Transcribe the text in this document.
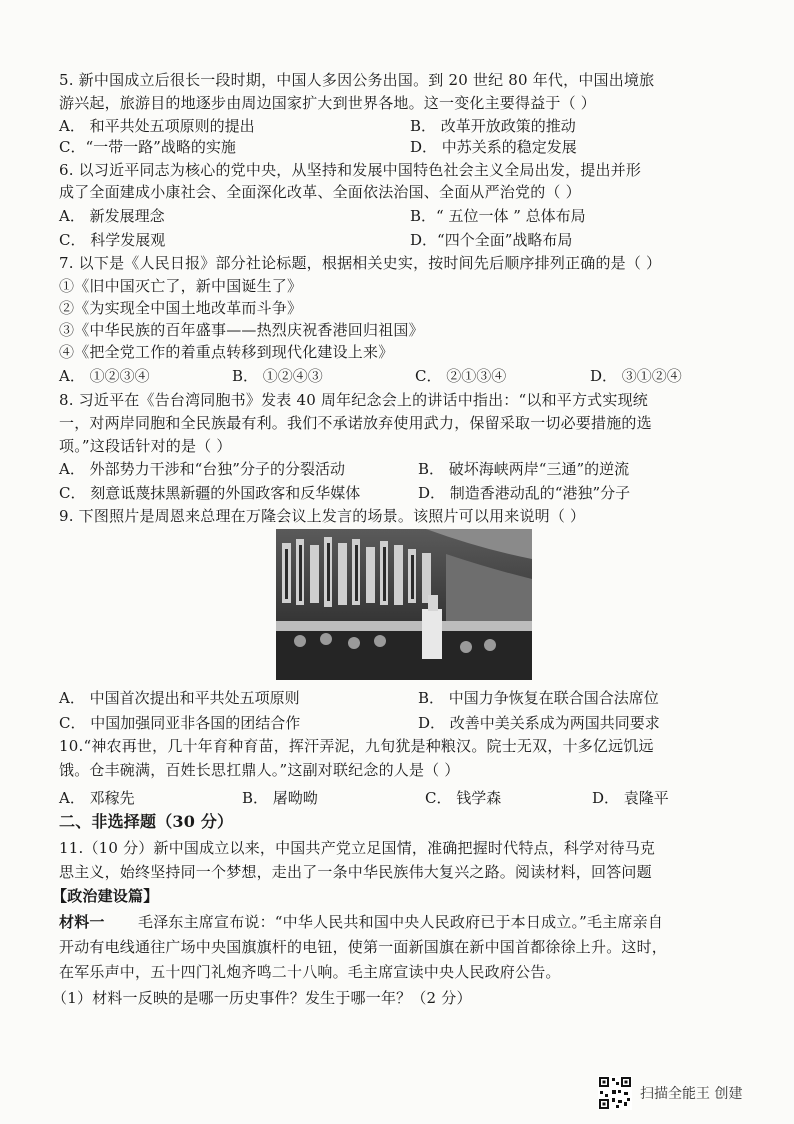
5. 新中国成立后很长一段时期，中国人多因公务出国。到 20 世纪 80 年代，中国出境旅
游兴起，旅游目的地逐步由周边国家扩大到世界各地。这一变化主要得益于（ ）
A． 和平共处五项原则的提出	B． 改革开放政策的推动
C．“一带一路”战略的实施	D． 中苏关系的稳定发展
6. 以习近平同志为核心的党中央，从坚持和发展中国特色社会主义全局出发，提出并形
成了全面建成小康社会、全面深化改革、全面依法治国、全面从严治党的（ ）
A． 新发展理念	B．“ 五位一体 ” 总体布局
C． 科学发展观	D．“四个全面”战略布局
7. 以下是《人民日报》部分社论标题，根据相关史实，按时间先后顺序排列正确的是（ ）
①《旧中国灭亡了，新中国诞生了》
②《为实现全中国土地改革而斗争》
③《中华民族的百年盛事——热烈庆祝香港回归祖国》
④《把全党工作的着重点转移到现代化建设上来》
A． ①②③④	B． ①②④③	C． ②①③④	D． ③①②④
8. 习近平在《告台湾同胞书》发表 40 周年纪念会上的讲话中指出：“以和平方式实现统
一，对两岸同胞和全民族最有利。我们不承诺放弃使用武力，保留采取一切必要措施的选
项。”这段话针对的是（ ）
A． 外部势力干涉和“台独”分子的分裂活动	B． 破坏海峡两岸“三通”的逆流
C． 刻意诋蔑抹黑新疆的外国政客和反华媒体	D． 制造香港动乱的“港独”分子
9. 下图照片是周恩来总理在万隆会议上发言的场景。该照片可以用来说明（ ）
A． 中国首次提出和平共处五项原则	B． 中国力争恢复在联合国合法席位
C． 中国加强同亚非各国的团结合作	D． 改善中美关系成为两国共同要求
10.“神农再世，几十年育种育苗，挥汗弄泥，九旬犹是种粮汉。院士无双，十多亿远饥远
饿。仓丰碗满，百姓长思扛鼎人。”这副对联纪念的人是（ ）
A． 邓稼先	B． 屠呦呦	C． 钱学森	D． 袁隆平
二、非选择题（30 分）
11.（10 分）新中国成立以来，中国共产党立足国情，准确把握时代特点，科学对待马克
思主义，始终坚持同一个梦想，走出了一条中华民族伟大复兴之路。阅读材料，回答问题
【政治建设篇】
材料一 毛泽东主席宣布说：“中华人民共和国中央人民政府已于本日成立。”毛主席亲自
开动有电线通往广场中央国旗旗杆的电钮，使第一面新国旗在新中国首都徐徐上升。这时，
在军乐声中，五十四门礼炮齐鸣二十八响。毛主席宣读中央人民政府公告。
（1）材料一反映的是哪一历史事件？发生于哪一年？（2 分）
扫描全能王 创建
